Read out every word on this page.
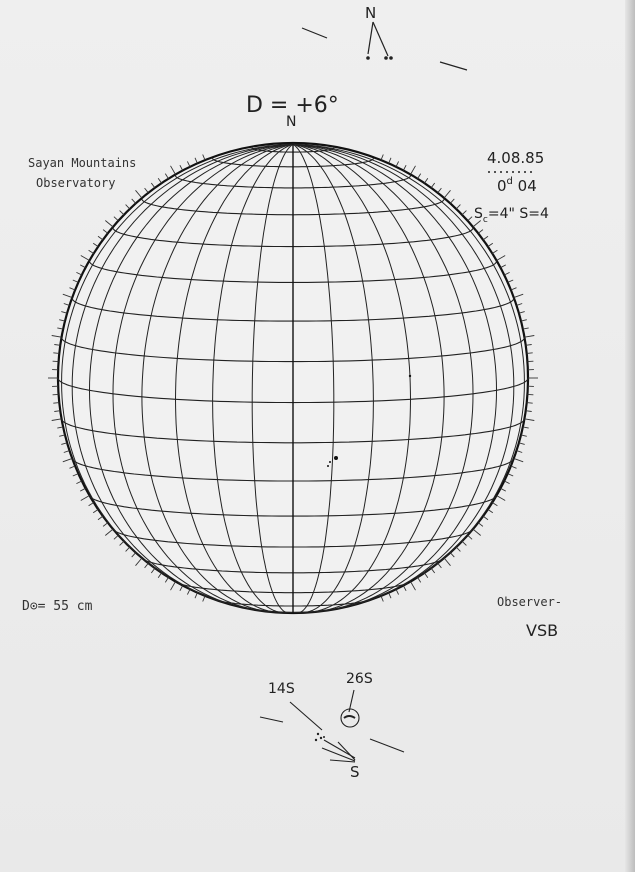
N
D = +6°
N
Sayan Mountains
Observatory
4.08.85
0$^d$ 04
$S_c=4$" S=4
D⊙= 55 cm	Observer-
VSB
14S
26S
S
